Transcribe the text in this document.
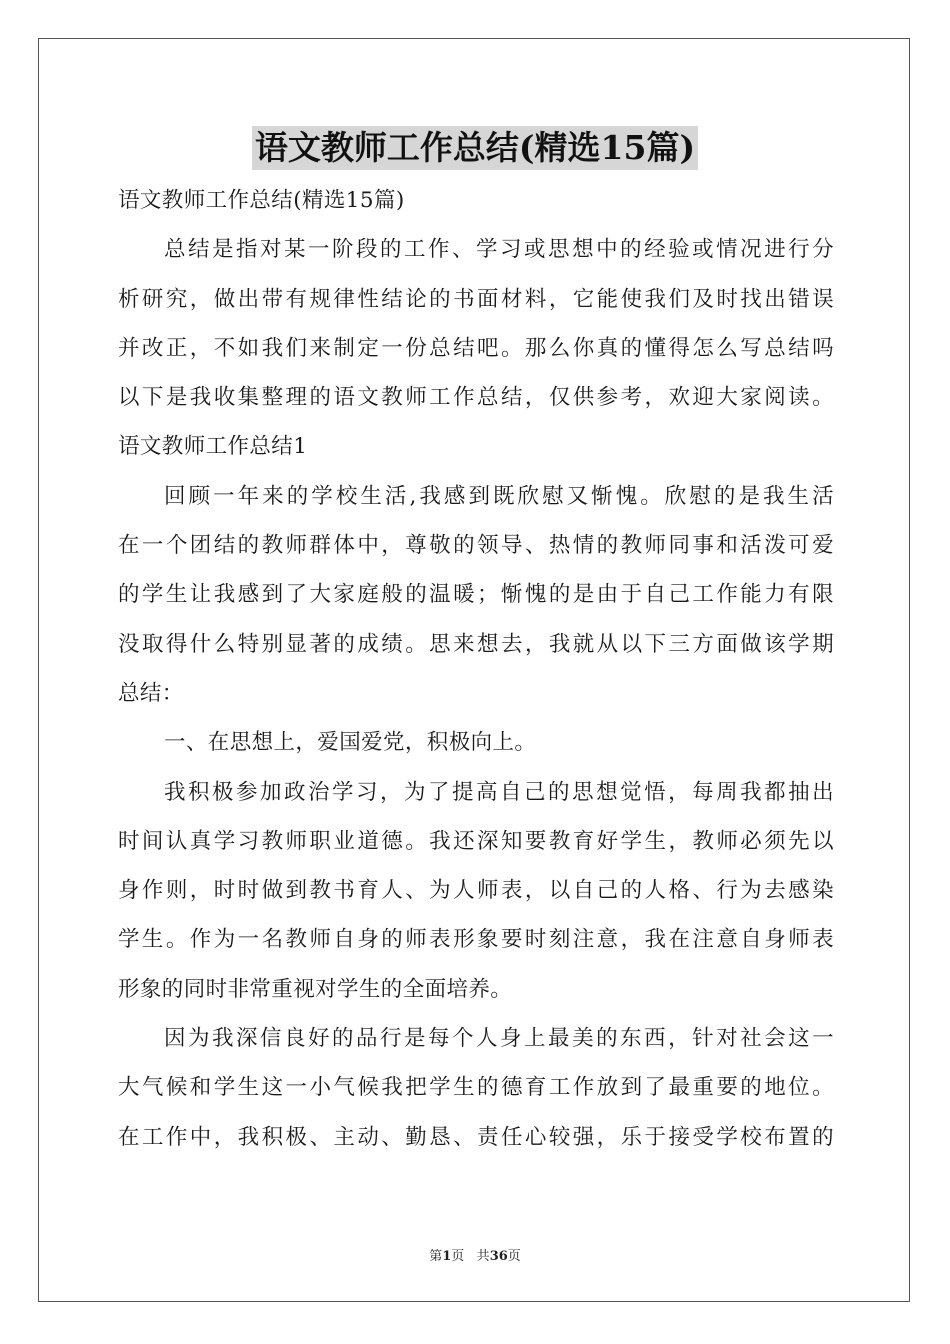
语文教师工作总结(精选15篇)
语文教师工作总结(精选15篇)
总结是指对某一阶段的工作、学习或思想中的经验或情况进行分
析研究，做出带有规律性结论的书面材料，它能使我们及时找出错误
并改正，不如我们来制定一份总结吧。那么你真的懂得怎么写总结吗
以下是我收集整理的语文教师工作总结，仅供参考，欢迎大家阅读。
语文教师工作总结1
回顾一年来的学校生活,我感到既欣慰又惭愧。欣慰的是我生活
在一个团结的教师群体中，尊敬的领导、热情的教师同事和活泼可爱
的学生让我感到了大家庭般的温暖；惭愧的是由于自己工作能力有限
没取得什么特别显著的成绩。思来想去，我就从以下三方面做该学期
总结：
一、在思想上，爱国爱党，积极向上。
我积极参加政治学习，为了提高自己的思想觉悟，每周我都抽出
时间认真学习教师职业道德。我还深知要教育好学生，教师必须先以
身作则，时时做到教书育人、为人师表，以自己的人格、行为去感染
学生。作为一名教师自身的师表形象要时刻注意，我在注意自身师表
形象的同时非常重视对学生的全面培养。
因为我深信良好的品行是每个人身上最美的东西，针对社会这一
大气候和学生这一小气候我把学生的德育工作放到了最重要的地位。
在工作中，我积极、主动、勤恳、责任心较强，乐于接受学校布置的
第1页 共36页
